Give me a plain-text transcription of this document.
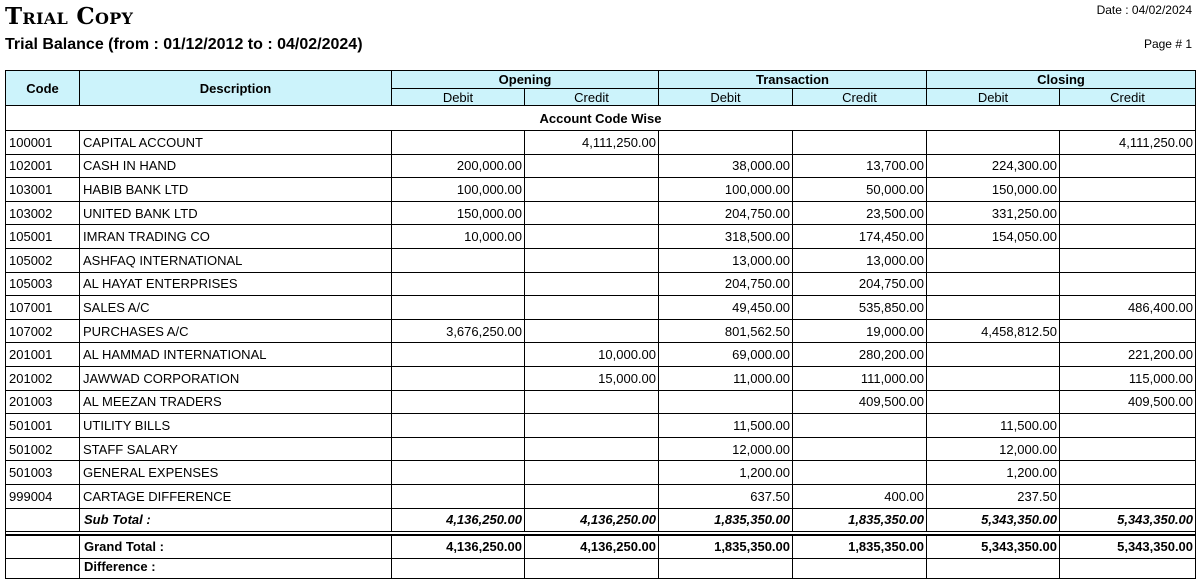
Trial Copy
Trial Balance (from : 01/12/2012 to : 04/02/2024)
Date : 04/02/2024
Page # 1
Code	Description	Opening		Transaction		Closing	
		Debit	Credit	Debit	Credit	Debit	Credit
Account Code Wise							
100001	CAPITAL ACCOUNT		4,111,250.00				4,111,250.00
102001	CASH IN HAND	200,000.00		38,000.00	13,700.00	224,300.00	
103001	HABIB BANK LTD	100,000.00		100,000.00	50,000.00	150,000.00	
103002	UNITED BANK LTD	150,000.00		204,750.00	23,500.00	331,250.00	
105001	IMRAN TRADING CO	10,000.00		318,500.00	174,450.00	154,050.00	
105002	ASHFAQ INTERNATIONAL			13,000.00	13,000.00		
105003	AL HAYAT ENTERPRISES			204,750.00	204,750.00		
107001	SALES A/C			49,450.00	535,850.00		486,400.00
107002	PURCHASES A/C	3,676,250.00		801,562.50	19,000.00	4,458,812.50	
201001	AL HAMMAD INTERNATIONAL		10,000.00	69,000.00	280,200.00		221,200.00
201002	JAWWAD CORPORATION		15,000.00	11,000.00	111,000.00		115,000.00
201003	AL MEEZAN TRADERS				409,500.00		409,500.00
501001	UTILITY BILLS			11,500.00		11,500.00	
501002	STAFF SALARY			12,000.00		12,000.00	
501003	GENERAL EXPENSES			1,200.00		1,200.00	
999004	CARTAGE DIFFERENCE			637.50	400.00	237.50	
	Sub Total :	4,136,250.00	4,136,250.00	1,835,350.00	1,835,350.00	5,343,350.00	5,343,350.00

	Grand Total :	4,136,250.00	4,136,250.00	1,835,350.00	1,835,350.00	5,343,350.00	5,343,350.00
	Difference :						
